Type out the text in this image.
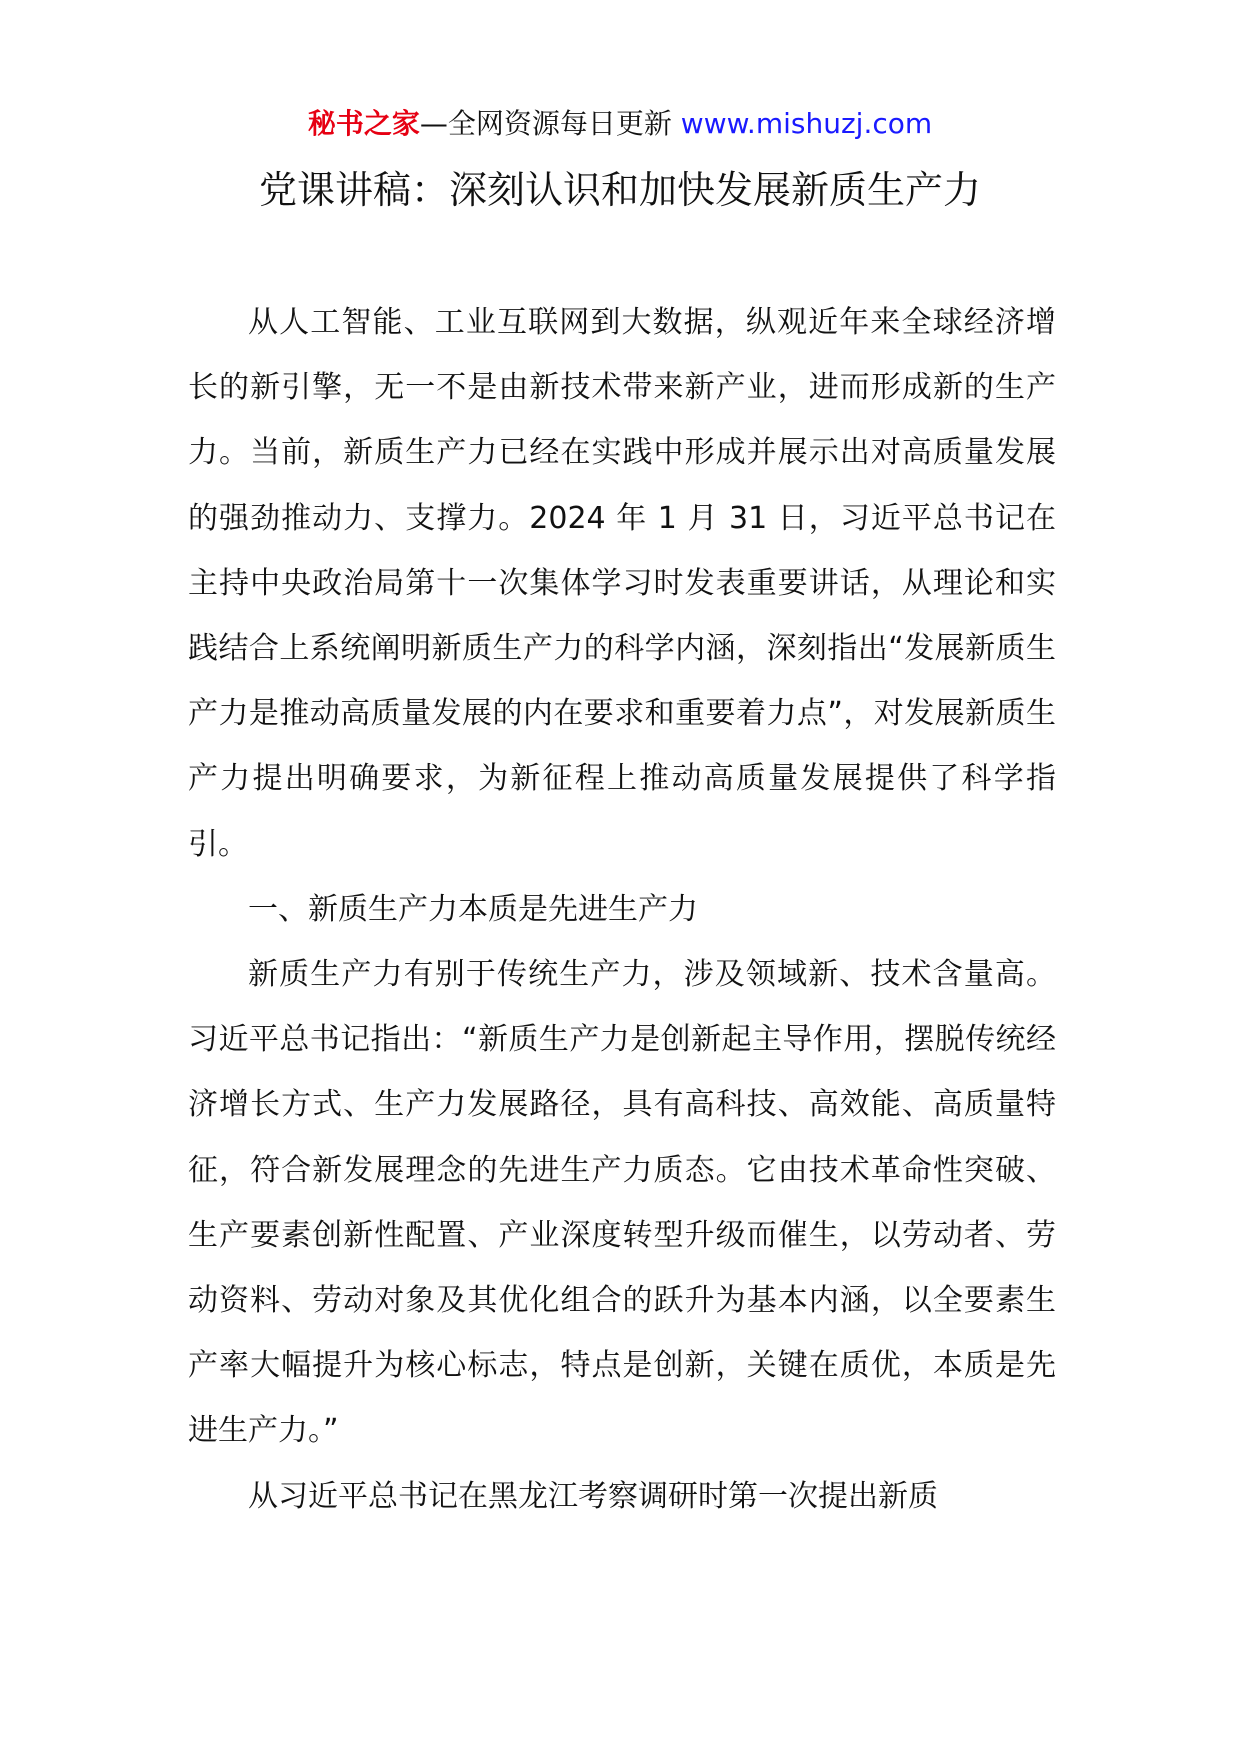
秘书之家—全网资源每日更新 www.mishuzj.com
党课讲稿：深刻认识和加快发展新质生产力

从人工智能、工业互联网到大数据，纵观近年来全球经济增长的新引擎，无一不是由新技术带来新产业，进而形成新的生产力。当前，新质生产力已经在实践中形成并展示出对高质量发展的强劲推动力、支撑力。2024 年 1 月 31 日，习近平总书记在主持中央政治局第十一次集体学习时发表重要讲话，从理论和实践结合上系统阐明新质生产力的科学内涵，深刻指出“发展新质生产力是推动高质量发展的内在要求和重要着力点”，对发展新质生产力提出明确要求，为新征程上推动高质量发展提供了科学指引。

一、新质生产力本质是先进生产力

新质生产力有别于传统生产力，涉及领域新、技术含量高。习近平总书记指出：“新质生产力是创新起主导作用，摆脱传统经济增长方式、生产力发展路径，具有高科技、高效能、高质量特征，符合新发展理念的先进生产力质态。它由技术革命性突破、生产要素创新性配置、产业深度转型升级而催生，以劳动者、劳动资料、劳动对象及其优化组合的跃升为基本内涵，以全要素生产率大幅提升为核心标志，特点是创新，关键在质优，本质是先进生产力。”

从习近平总书记在黑龙江考察调研时第一次提出新质
